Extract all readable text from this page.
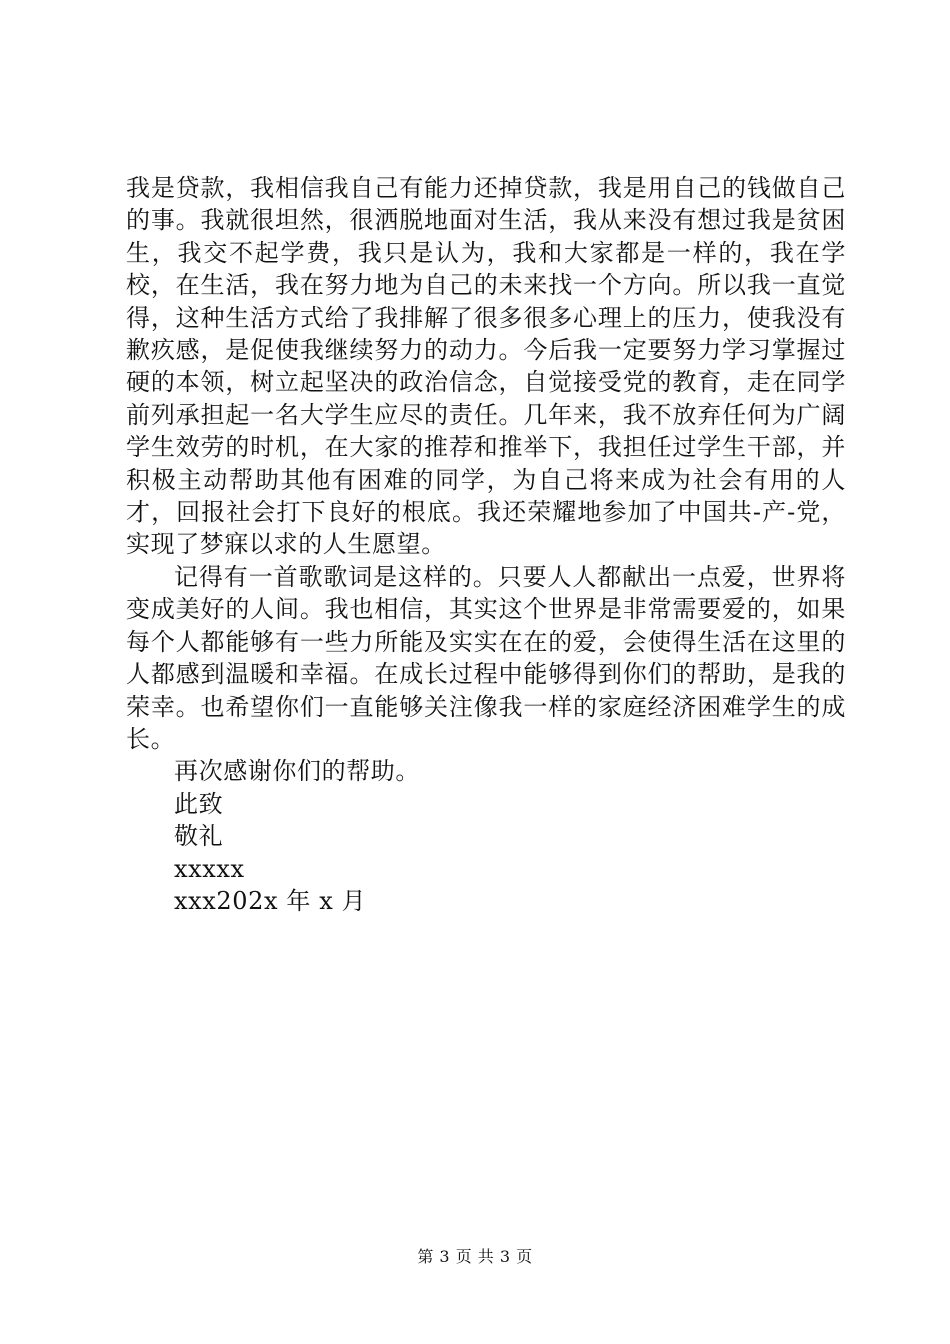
我是贷款，我相信我自己有能力还掉贷款，我是用自己的钱做自己的事。我就很坦然，很洒脱地面对生活，我从来没有想过我是贫困生，我交不起学费，我只是认为，我和大家都是一样的，我在学校，在生活，我在努力地为自己的未来找一个方向。所以我一直觉得，这种生活方式给了我排解了很多很多心理上的压力，使我没有歉疚感，是促使我继续努力的动力。今后我一定要努力学习掌握过硬的本领，树立起坚决的政治信念，自觉接受党的教育，走在同学前列承担起一名大学生应尽的责任。几年来，我不放弃任何为广阔学生效劳的时机，在大家的推荐和推举下，我担任过学生干部，并积极主动帮助其他有困难的同学，为自己将来成为社会有用的人才，回报社会打下良好的根底。我还荣耀地参加了中国共-产-党，实现了梦寐以求的人生愿望。

记得有一首歌歌词是这样的。只要人人都献出一点爱，世界将变成美好的人间。我也相信，其实这个世界是非常需要爱的，如果每个人都能够有一些力所能及实实在在的爱，会使得生活在这里的人都感到温暖和幸福。在成长过程中能够得到你们的帮助，是我的荣幸。也希望你们一直能够关注像我一样的家庭经济困难学生的成长。

再次感谢你们的帮助。

此致

敬礼

xxxxx

xxx202x 年 x 月

第 3 页 共 3 页
